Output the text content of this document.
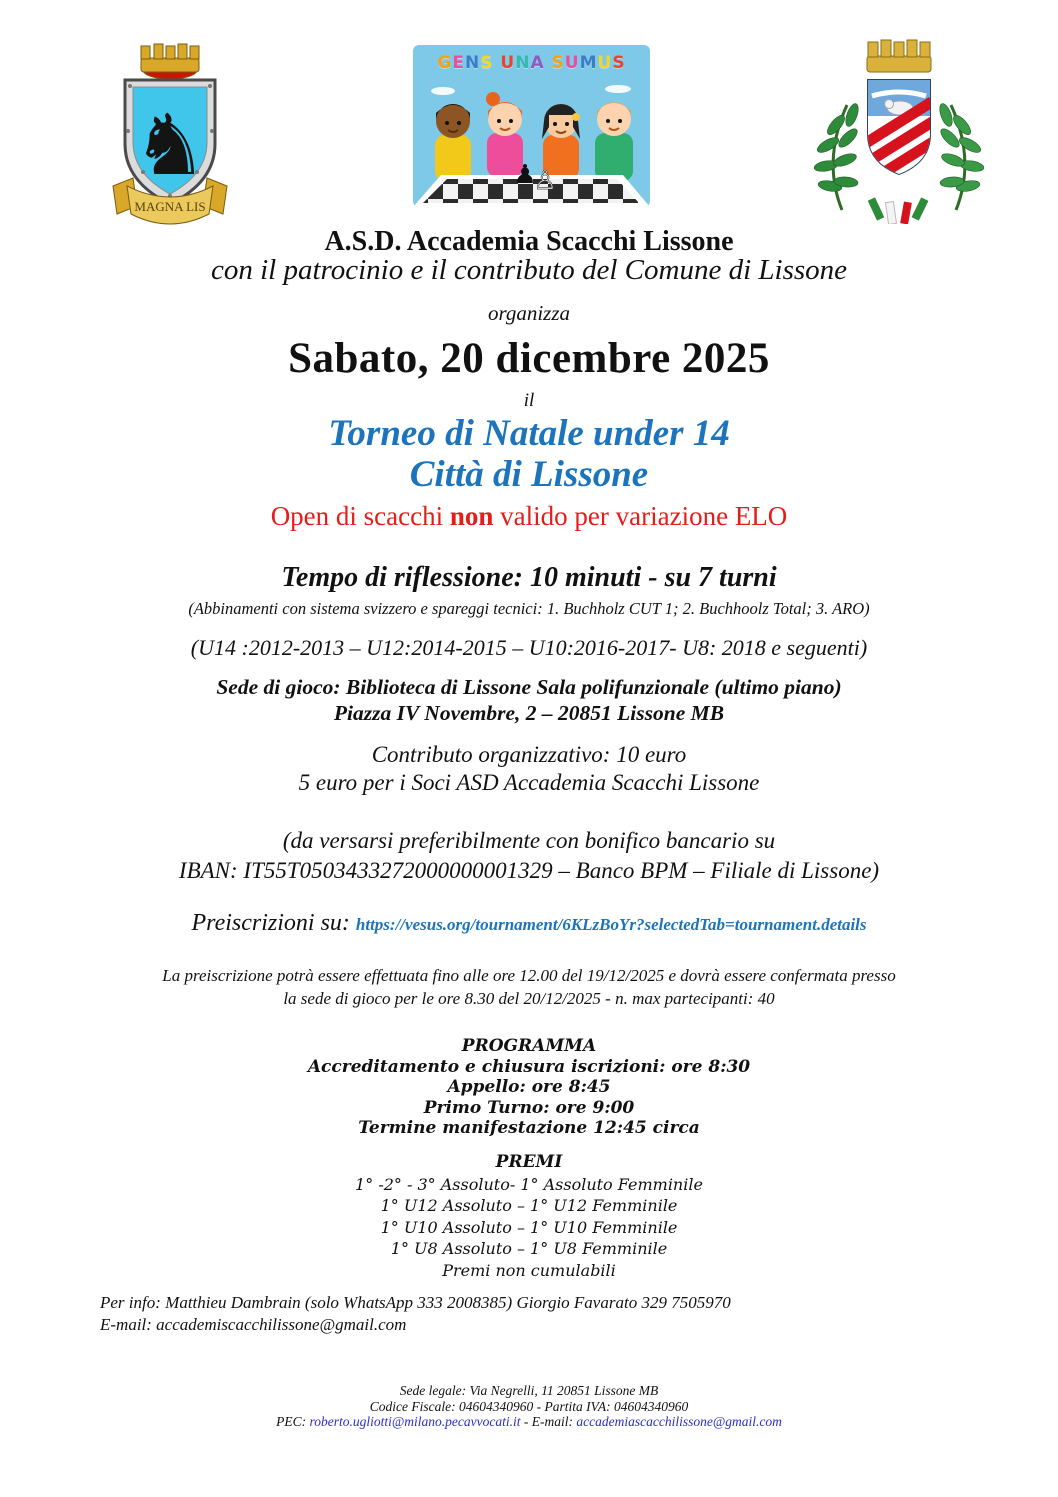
♞
MAGNA LIS
GENS UNA SUMUS
♟
♙
A.S.D. Accademia Scacchi Lissone
con il patrocinio e il contributo del Comune di Lissone
organizza
Sabato, 20 dicembre 2025
il
Torneo di Natale under 14
Città di Lissone
Open di scacchi non valido per variazione ELO
Tempo di riflessione: 10 minuti - su 7 turni
(Abbinamenti con sistema svizzero e spareggi tecnici: 1. Buchholz CUT 1; 2. Buchhoolz Total; 3. ARO)
(U14 :2012-2013 – U12:2014-2015 – U10:2016-2017- U8: 2018 e seguenti)
Sede di gioco: Biblioteca di Lissone Sala polifunzionale (ultimo piano)
Piazza IV Novembre, 2 – 20851 Lissone MB
Contributo organizzativo: 10 euro
5 euro per i Soci ASD Accademia Scacchi Lissone
(da versarsi preferibilmente con bonifico bancario su
IBAN: IT55T0503433272000000001329 – Banco BPM – Filiale di Lissone)
Preiscrizioni su: https://vesus.org/tournament/6KLzBoYr?selectedTab=tournament.details
La preiscrizione potrà essere effettuata fino alle ore 12.00 del 19/12/2025 e dovrà essere confermata presso
la sede di gioco per le ore 8.30 del 20/12/2025 - n. max partecipanti: 40
PROGRAMMA
Accreditamento e chiusura iscrizioni: ore 8:30
Appello: ore 8:45
Primo Turno: ore 9:00
Termine manifestazione 12:45 circa
PREMI
1° -2° - 3° Assoluto- 1° Assoluto Femminile
1° U12 Assoluto – 1° U12 Femminile
1° U10 Assoluto – 1° U10 Femminile
1° U8 Assoluto – 1° U8 Femminile
Premi non cumulabili
Per info: Matthieu Dambrain (solo WhatsApp 333 2008385) Giorgio Favarato 329 7505970
E-mail: accademiscacchilissone@gmail.com
Sede legale: Via Negrelli, 11 20851 Lissone MB
Codice Fiscale: 04604340960 - Partita IVA: 04604340960
PEC: roberto.ugliotti@milano.pecavvocati.it - E-mail: accademiascacchilissone@gmail.com
